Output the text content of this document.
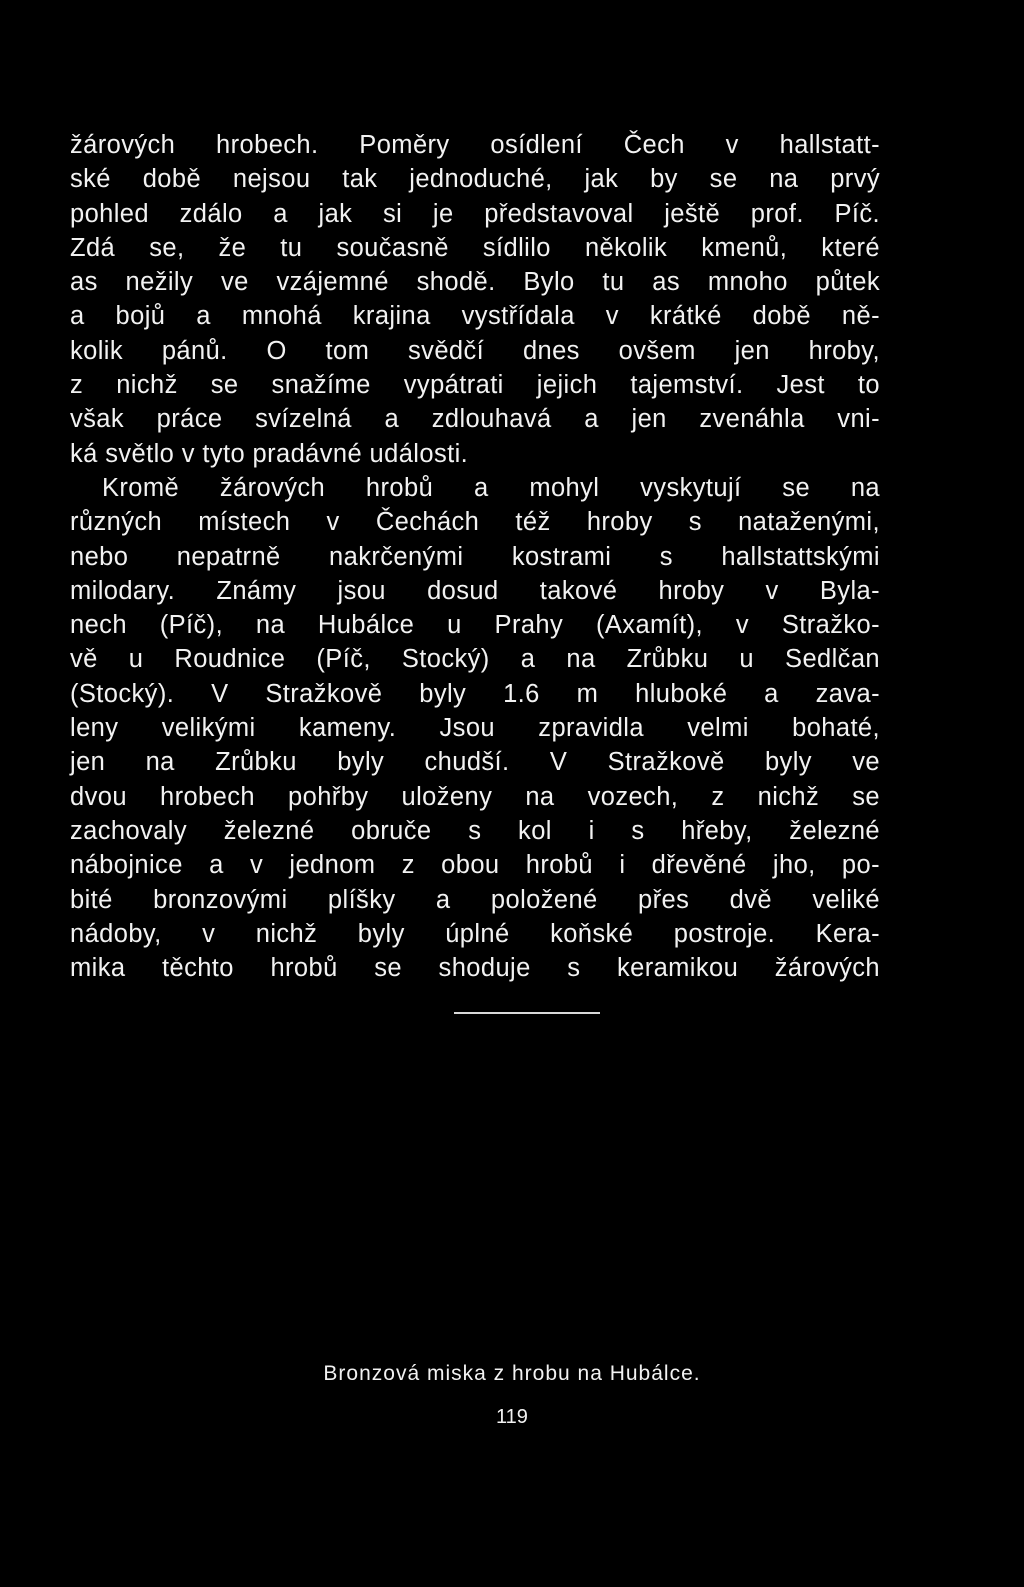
žárových hrobech. Poměry osídlení Čech v hallstatt-
ské době nejsou tak jednoduché, jak by se na prvý
pohled zdálo a jak si je představoval ještě prof. Píč.
Zdá se, že tu současně sídlilo několik kmenů, které
as nežily ve vzájemné shodě. Bylo tu as mnoho půtek
a bojů a mnohá krajina vystřídala v krátké době ně-
kolik pánů. O tom svědčí dnes ovšem jen hroby,
z nichž se snažíme vypátrati jejich tajemství. Jest to
však práce svízelná a zdlouhavá a jen zvenáhla vni-
ká světlo v tyto pradávné události.
Kromě žárových hrobů a mohyl vyskytují se na
různých místech v Čechách též hroby s nataženými,
nebo nepatrně nakrčenými kostrami s hallstattskými
milodary. Známy jsou dosud takové hroby v Byla-
nech (Píč), na Hubálce u Prahy (Axamít), v Stražko-
vě u Roudnice (Píč, Stocký) a na Zrůbku u Sedlčan
(Stocký). V Stražkově byly 1.6 m hluboké a zava-
leny velikými kameny. Jsou zpravidla velmi bohaté,
jen na Zrůbku byly chudší. V Stražkově byly ve
dvou hrobech pohřby uloženy na vozech, z nichž se
zachovaly železné obruče s kol i s hřeby, železné
nábojnice a v jednom z obou hrobů i dřevěné jho, po-
bité bronzovými plíšky a položené přes dvě veliké
nádoby, v nichž byly úplné koňské postroje. Kera-
mika těchto hrobů se shoduje s keramikou žárových
Bronzová miska z hrobu na Hubálce.
119
